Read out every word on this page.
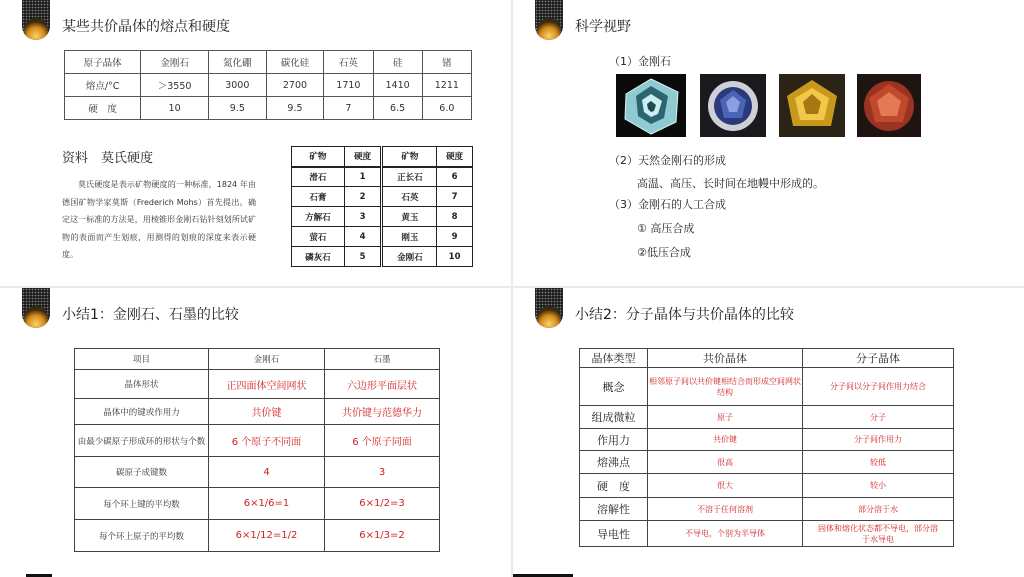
某些共价晶体的熔点和硬度
原子晶体	金刚石	氮化硼	碳化硅	石英	硅	锗
熔点/°C	＞3550	3000	2700	1710	1410	1211
硬　度	10	9.5	9.5	7	6.5	6.0
资料　莫氏硬度
莫氏硬度是表示矿物硬度的一种标准，1824 年由德国矿物学家莫斯（Frederich Mohs）首先提出。确定这一标准的方法是，用棱锥形金刚石钻针刻划所试矿物的表面而产生划痕，用测得的划痕的深度来表示硬度。
矿物	硬度	矿物	硬度
滑石	1	正长石	6
石膏	2	石英	7
方解石	3	黄玉	8
萤石	4	刚玉	9
磷灰石	5	金刚石	10
科学视野
（1）金刚石
（2）天然金刚石的形成
高温、高压、长时间在地幔中形成的。
（3）金刚石的人工合成
① 高压合成
②低压合成
小结1：金刚石、石墨的比较
项目	金刚石	石墨
晶体形状	正四面体空间网状	六边形平面层状
晶体中的键或作用力	共价键	共价键与范德华力
由最少碳原子形成环的形状与个数	6 个原子不同面	6 个原子同面
碳原子成键数	4	3
每个环上键的平均数	6×1/6=1	6×1/2=3
每个环上原子的平均数	6×1/12=1/2	6×1/3=2
小结2：分子晶体与共价晶体的比较
晶体类型	共价晶体	分子晶体
概念	相邻原子间以共价键相结合而形成空间网状结构	分子间以分子间作用力结合
组成微粒	原子	分子
作用力	共价键	分子间作用力
熔沸点	很高	较低
硬　度	很大	较小
溶解性	不溶于任何溶剂	部分溶于水
导电性	不导电，个别为半导体	固体和熔化状态都不导电，部分溶于水导电
